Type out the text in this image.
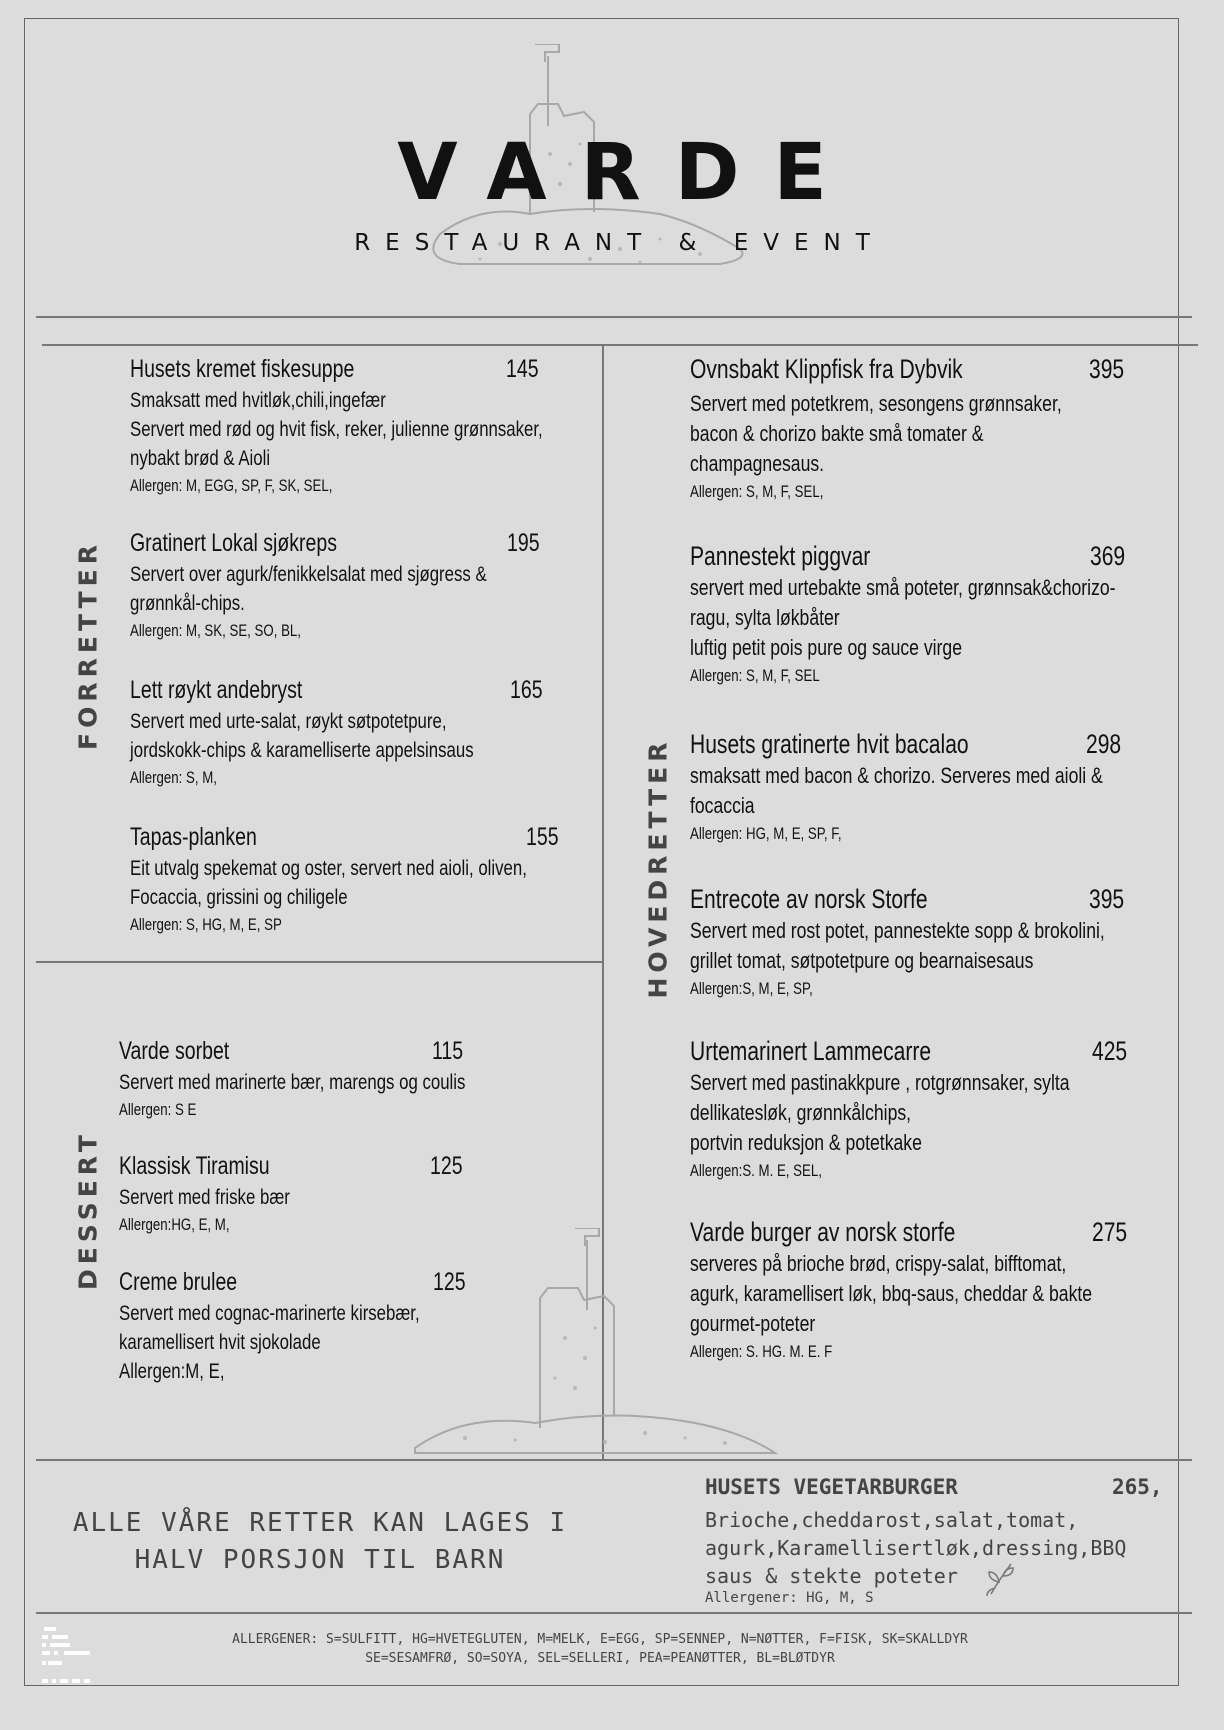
VARDE
RESTAURANT & EVENT
FORRETTER
DESSERT
HOVEDRETTER
Husets kremet fiskesuppe	145
Smaksatt med hvitløk,chili,ingefær
Servert med rød og hvit fisk, reker, julienne grønnsaker,
nybakt brød & Aioli
Allergen: M, EGG, SP, F, SK, SEL,
Gratinert Lokal sjøkreps	195
Servert over agurk/fenikkelsalat med sjøgress &
grønnkål-chips.
Allergen: M, SK, SE, SO, BL,
Lett røykt andebryst	165
Servert med urte-salat, røykt søtpotetpure,
jordskokk-chips & karamelliserte appelsinsaus
Allergen: S, M,
Tapas-planken	155
Eit utvalg spekemat og oster, servert ned aioli, oliven,
Focaccia, grissini og chiligele
Allergen: S, HG, M, E, SP
Varde sorbet	115
Servert med marinerte bær, marengs og coulis
Allergen: S E
Klassisk Tiramisu	125
Servert med friske bær
Allergen:HG, E, M,
Creme brulee	125
Servert med cognac-marinerte kirsebær,
karamellisert hvit sjokolade
Allergen:M, E,
Ovnsbakt Klippfisk fra Dybvik	395
Servert med potetkrem, sesongens grønnsaker,
bacon & chorizo bakte små tomater &
champagnesaus.
Allergen: S, M, F, SEL,
Pannestekt piggvar	369
servert med urtebakte små poteter, grønnsak&chorizo-
ragu, sylta løkbåter
luftig petit pois pure og sauce virge
Allergen: S, M, F, SEL
Husets gratinerte hvit bacalao	298
smaksatt med bacon & chorizo. Serveres med aioli &
focaccia
Allergen: HG, M, E, SP, F,
Entrecote av norsk Storfe	395
Servert med rost potet, pannestekte sopp & brokolini,
grillet tomat, søtpotetpure og bearnaisesaus
Allergen:S, M, E, SP,
Urtemarinert Lammecarre	425
Servert med pastinakkpure , rotgrønnsaker, sylta
dellikatesløk, grønnkålchips,
portvin reduksjon & potetkake
Allergen:S. M. E, SEL,
Varde burger av norsk storfe	275
serveres på brioche brød, crispy-salat, bifftomat,
agurk, karamellisert løk, bbq-saus, cheddar & bakte
gourmet-poteter
Allergen: S. HG. M. E. F
ALLE VÅRE RETTER KAN LAGES I
HALV PORSJON TIL BARN
HUSETS VEGETARBURGER	265,
Brioche,cheddarost,salat,tomat,
agurk,Karamellisertløk,dressing,BBQ
saus & stekte poteter
Allergener: HG, M, S
ALLERGENER: S=SULFITT, HG=HVETEGLUTEN, M=MELK, E=EGG, SP=SENNEP, N=NØTTER, F=FISK, SK=SKALLDYR
SE=SESAMFRØ, SO=SOYA, SEL=SELLERI, PEA=PEANØTTER, BL=BLØTDYR
